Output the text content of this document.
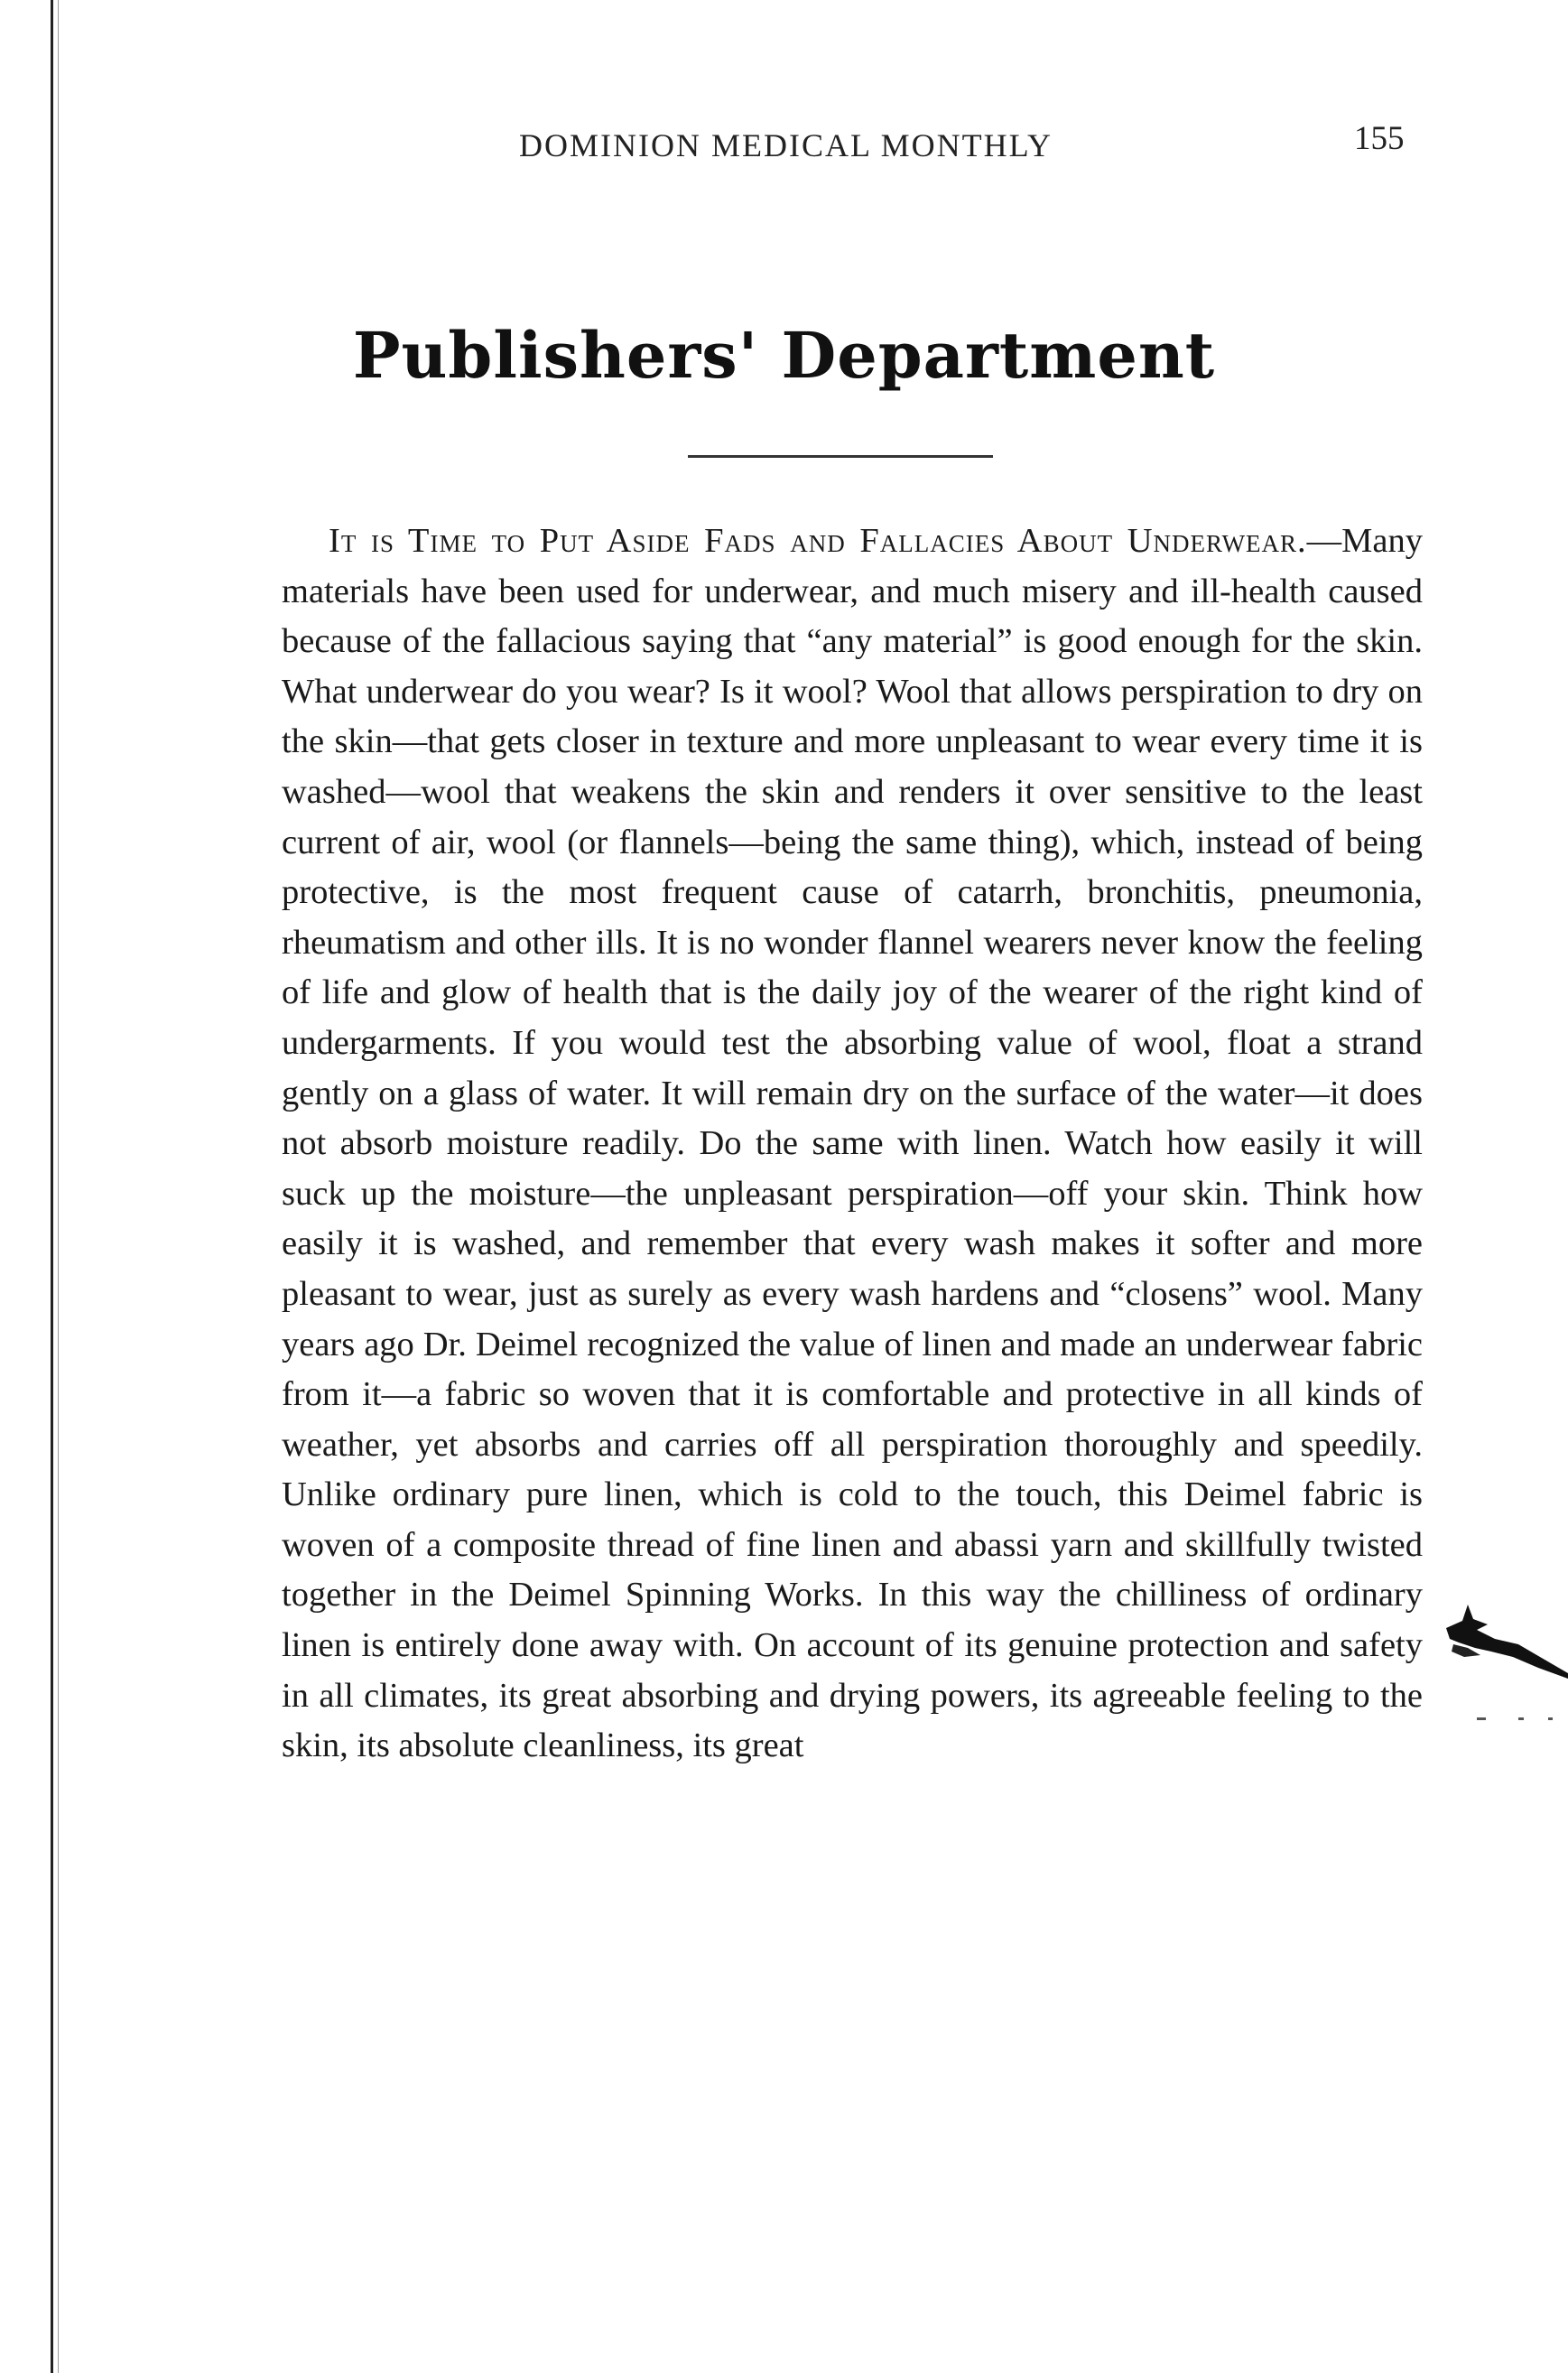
DOMINION MEDICAL MONTHLY	155
Publishers' Department

It is Time to Put Aside Fads and Fallacies About Underwear.—Many materials have been used for underwear, and much misery and ill-health caused because of the fallacious saying that “any material” is good enough for the skin. What underwear do you wear? Is it wool? Wool that allows perspiration to dry on the skin—that gets closer in texture and more unpleasant to wear every time it is washed—wool that weakens the skin and renders it over sensitive to the least current of air, wool (or flannels—being the same thing), which, instead of being protective, is the most frequent cause of catarrh, bronchitis, pneumonia, rheumatism and other ills. It is no wonder flannel wearers never know the feeling of life and glow of health that is the daily joy of the wearer of the right kind of undergarments. If you would test the absorbing value of wool, float a strand gently on a glass of water. It will remain dry on the surface of the water—it does not absorb moisture readily. Do the same with linen. Watch how easily it will suck up the moisture—the unpleasant perspiration—off your skin. Think how easily it is washed, and remember that every wash makes it softer and more pleasant to wear, just as surely as every wash hardens and “closens” wool. Many years ago Dr. Deimel recognized the value of linen and made an underwear fabric from it—a fabric so woven that it is comfortable and protective in all kinds of weather, yet absorbs and carries off all perspiration thoroughly and speedily. Unlike ordinary pure linen, which is cold to the touch, this Deimel fabric is woven of a composite thread of fine linen and abassi yarn and skillfully twisted together in the Deimel Spinning Works. In this way the chilliness of ordinary linen is entirely done away with. On account of its genuine protection and safety in all climates, its great absorbing and drying powers, its agreeable feeling to the skin, its absolute cleanliness, its great
